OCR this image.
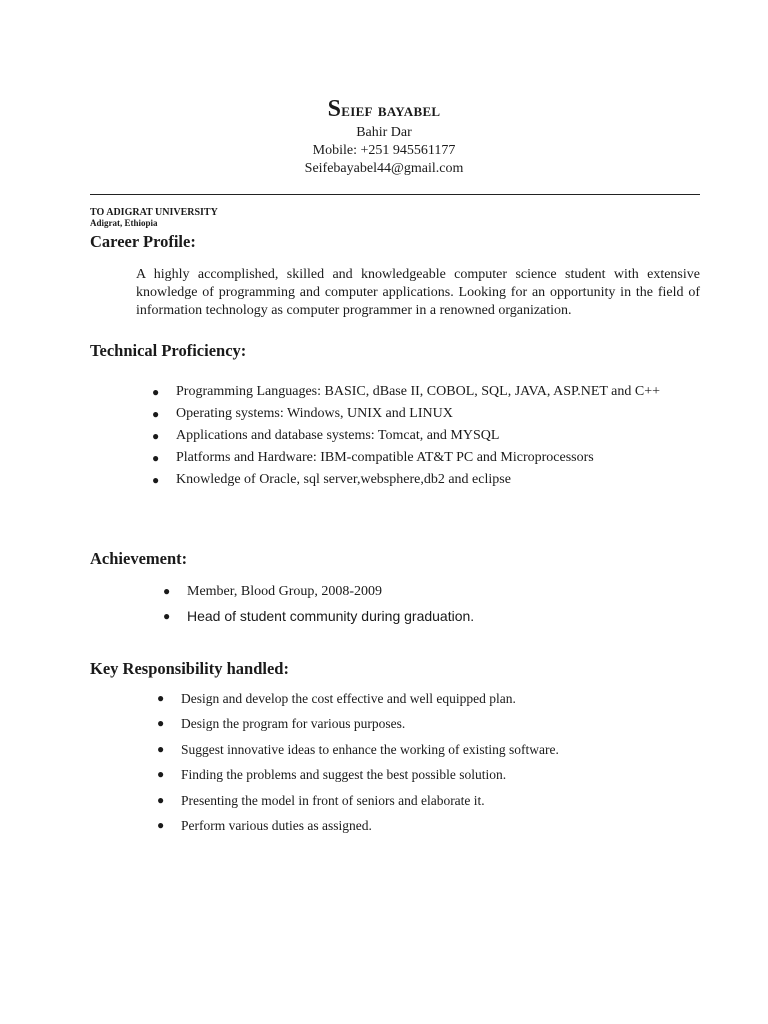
Seief bayabel
Bahir Dar
Mobile: +251 945561177
Seifebayabel44@gmail.com
TO ADIGRAT UNIVERSITY
Adigrat, Ethiopia
Career Profile:
A highly accomplished, skilled and knowledgeable computer science student with extensive knowledge of programming and computer applications. Looking for an opportunity in the field of information technology as computer programmer in a renowned organization.
Technical Proficiency:
● Programming Languages: BASIC, dBase II, COBOL, SQL, JAVA, ASP.NET and C++
● Operating systems: Windows, UNIX and LINUX
● Applications and database systems: Tomcat, and MYSQL
● Platforms and Hardware: IBM-compatible AT&T PC and Microprocessors
● Knowledge of Oracle, sql server,websphere,db2 and eclipse
Achievement:
● Member, Blood Group, 2008-2009
● Head of student community during graduation.
Key Responsibility handled:
● Design and develop the cost effective and well equipped plan.
● Design the program for various purposes.
● Suggest innovative ideas to enhance the working of existing software.
● Finding the problems and suggest the best possible solution.
● Presenting the model in front of seniors and elaborate it.
● Perform various duties as assigned.
